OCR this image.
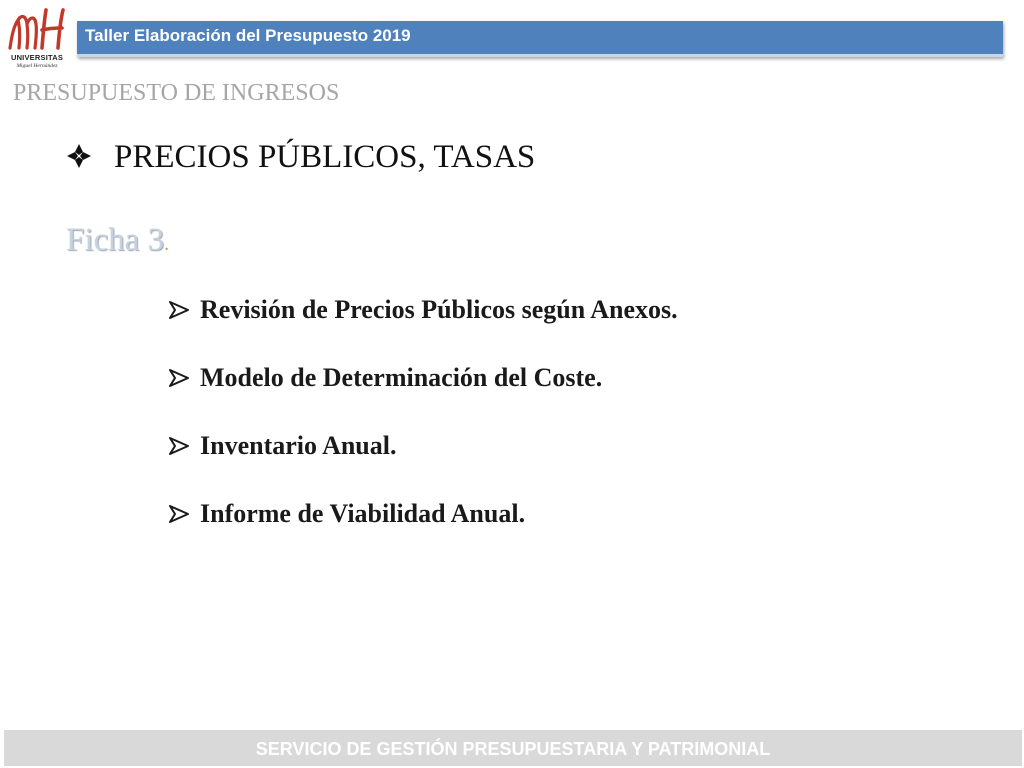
UNIVERSITAS
Miguel Hernández
Taller Elaboración del Presupuesto 2019
PRESUPUESTO DE INGRESOS
PRECIOS PÚBLICOS, TASAS
Ficha 3.
Revisión de Precios Públicos según Anexos.
Modelo de Determinación del Coste.
Inventario Anual.
Informe de Viabilidad Anual.
SERVICIO DE GESTIÓN PRESUPUESTARIA Y PATRIMONIAL
